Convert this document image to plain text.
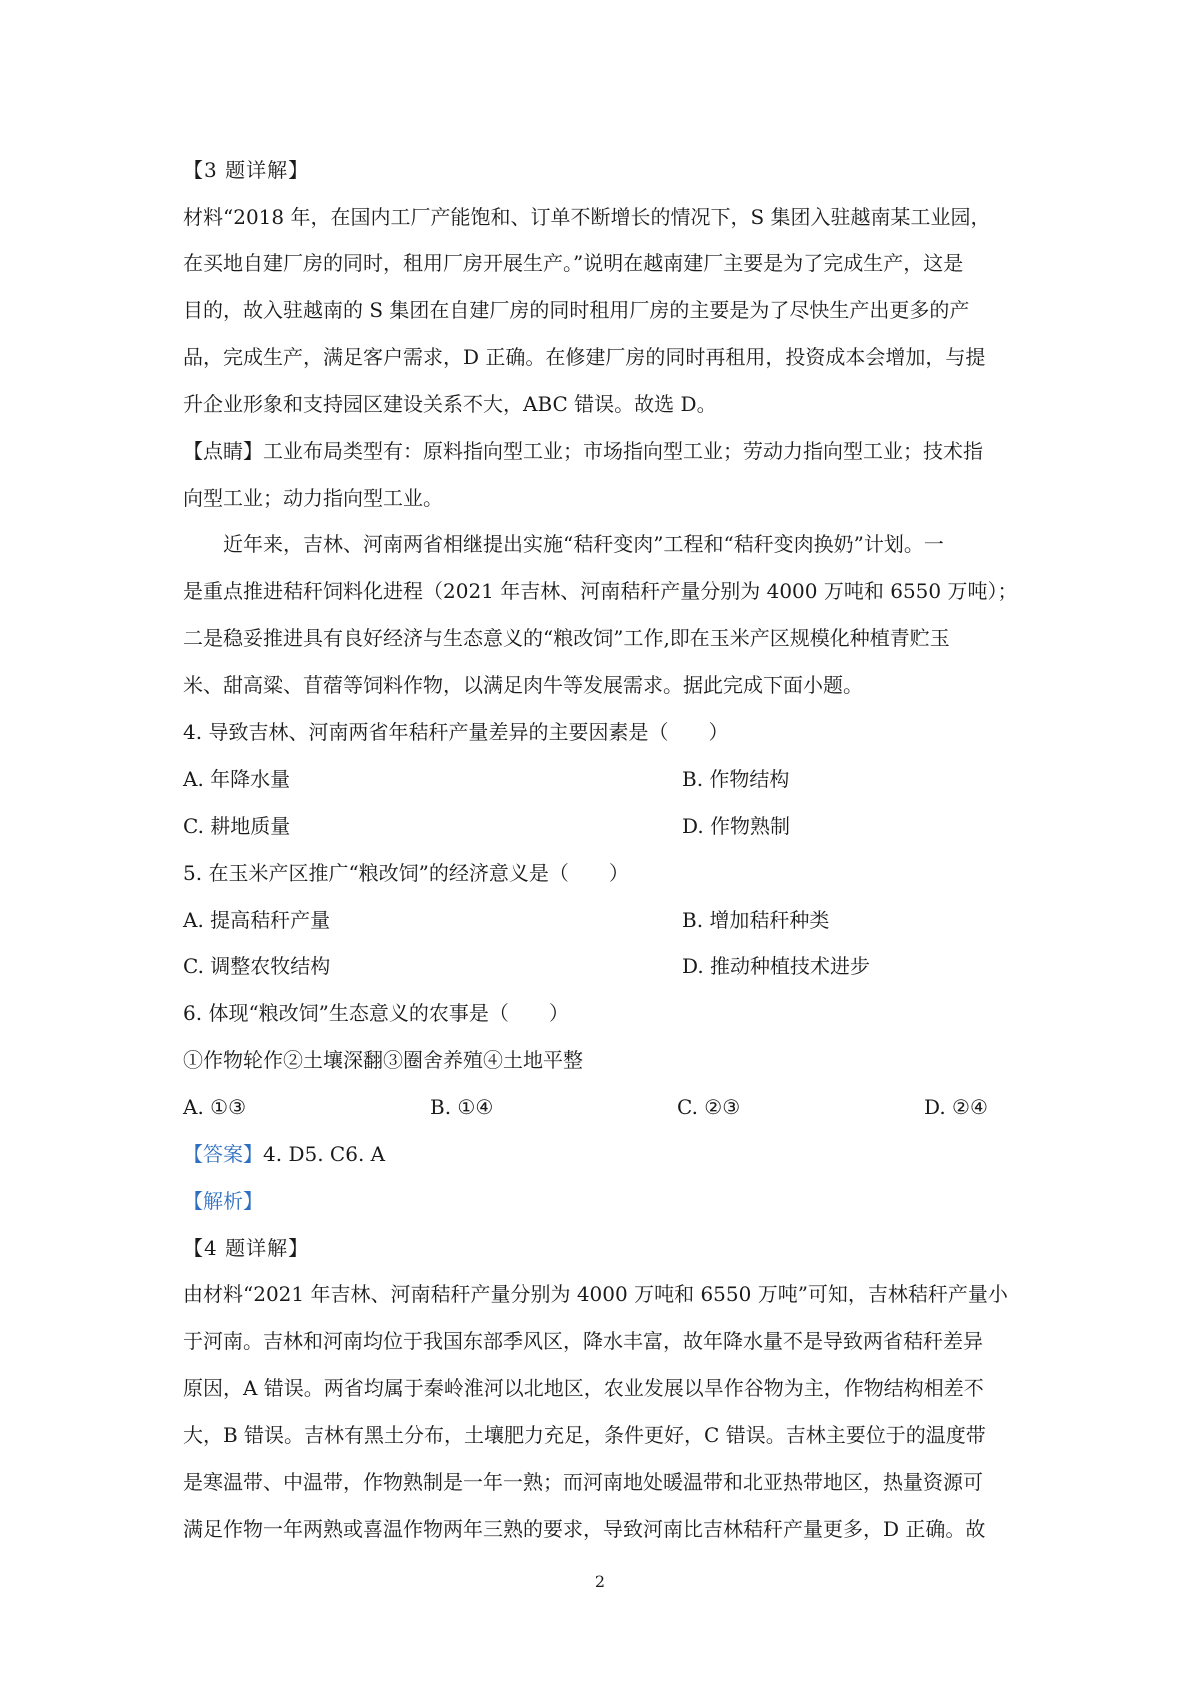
【3 题详解】
材料“2018 年，在国内工厂产能饱和、订单不断增长的情况下，S 集团入驻越南某工业园，
在买地自建厂房的同时，租用厂房开展生产。”说明在越南建厂主要是为了完成生产，这是
目的，故入驻越南的 S 集团在自建厂房的同时租用厂房的主要是为了尽快生产出更多的产
品，完成生产，满足客户需求，D 正确。在修建厂房的同时再租用，投资成本会增加，与提
升企业形象和支持园区建设关系不大，ABC 错误。故选 D。
【点睛】工业布局类型有：原料指向型工业；市场指向型工业；劳动力指向型工业；技术指
向型工业；动力指向型工业。
近年来，吉林、河南两省相继提出实施“秸秆变肉”工程和“秸秆变肉换奶”计划。一
是重点推进秸秆饲料化进程（2021 年吉林、河南秸秆产量分别为 4000 万吨和 6550 万吨）；
二是稳妥推进具有良好经济与生态意义的“粮改饲”工作,即在玉米产区规模化种植青贮玉
米、甜高粱、苜蓿等饲料作物，以满足肉牛等发展需求。据此完成下面小题。
4. 导致吉林、河南两省年秸秆产量差异的主要因素是（　　）
A. 年降水量	B. 作物结构
C. 耕地质量	D. 作物熟制
5. 在玉米产区推广“粮改饲”的经济意义是（　　）
A. 提高秸秆产量	B. 增加秸秆种类
C. 调整农牧结构	D. 推动种植技术进步
6. 体现“粮改饲”生态意义的农事是（　　）
①作物轮作②土壤深翻③圈舍养殖④土地平整
A. ①③	B. ①④	C. ②③	D. ②④
【答案】4. D5. C6. A
【解析】
【4 题详解】
由材料“2021 年吉林、河南秸秆产量分别为 4000 万吨和 6550 万吨”可知，吉林秸秆产量小
于河南。吉林和河南均位于我国东部季风区，降水丰富，故年降水量不是导致两省秸秆差异
原因，A 错误。两省均属于秦岭淮河以北地区，农业发展以旱作谷物为主，作物结构相差不
大，B 错误。吉林有黑土分布，土壤肥力充足，条件更好，C 错误。吉林主要位于的温度带
是寒温带、中温带，作物熟制是一年一熟；而河南地处暖温带和北亚热带地区，热量资源可
满足作物一年两熟或喜温作物两年三熟的要求，导致河南比吉林秸秆产量更多，D 正确。故
2
